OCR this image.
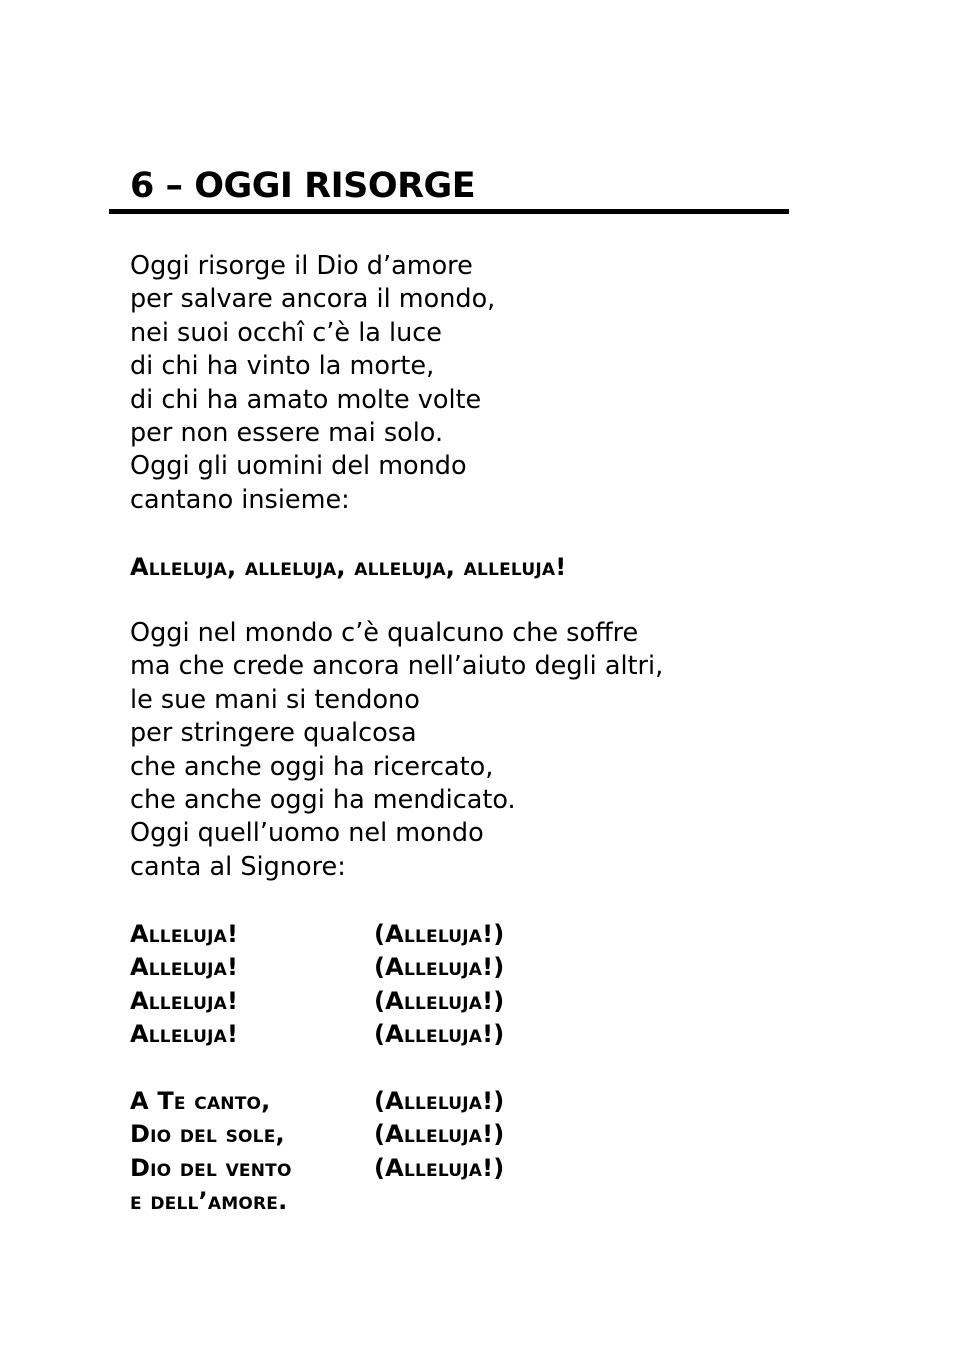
6 – OGGI RISORGE
Oggi risorge il Dio d’amore
per salvare ancora il mondo,
nei suoi occhî c’è la luce
di chi ha vinto la morte,
di chi ha amato molte volte
per non essere mai solo.
Oggi gli uomini del mondo
cantano insieme:
Alleluja, alleluja, alleluja, alleluja!
Oggi nel mondo c’è qualcuno che soffre
ma che crede ancora nell’aiuto degli altri,
le sue mani si tendono
per stringere qualcosa
che anche oggi ha ricercato,
che anche oggi ha mendicato.
Oggi quell’uomo nel mondo
canta al Signore:
Alleluja!	(Alleluja!)
Alleluja!	(Alleluja!)
Alleluja!	(Alleluja!)
Alleluja!	(Alleluja!)
A Te canto,	(Alleluja!)
Dio del sole,	(Alleluja!)
Dio del vento	(Alleluja!)
e dell’amore.
